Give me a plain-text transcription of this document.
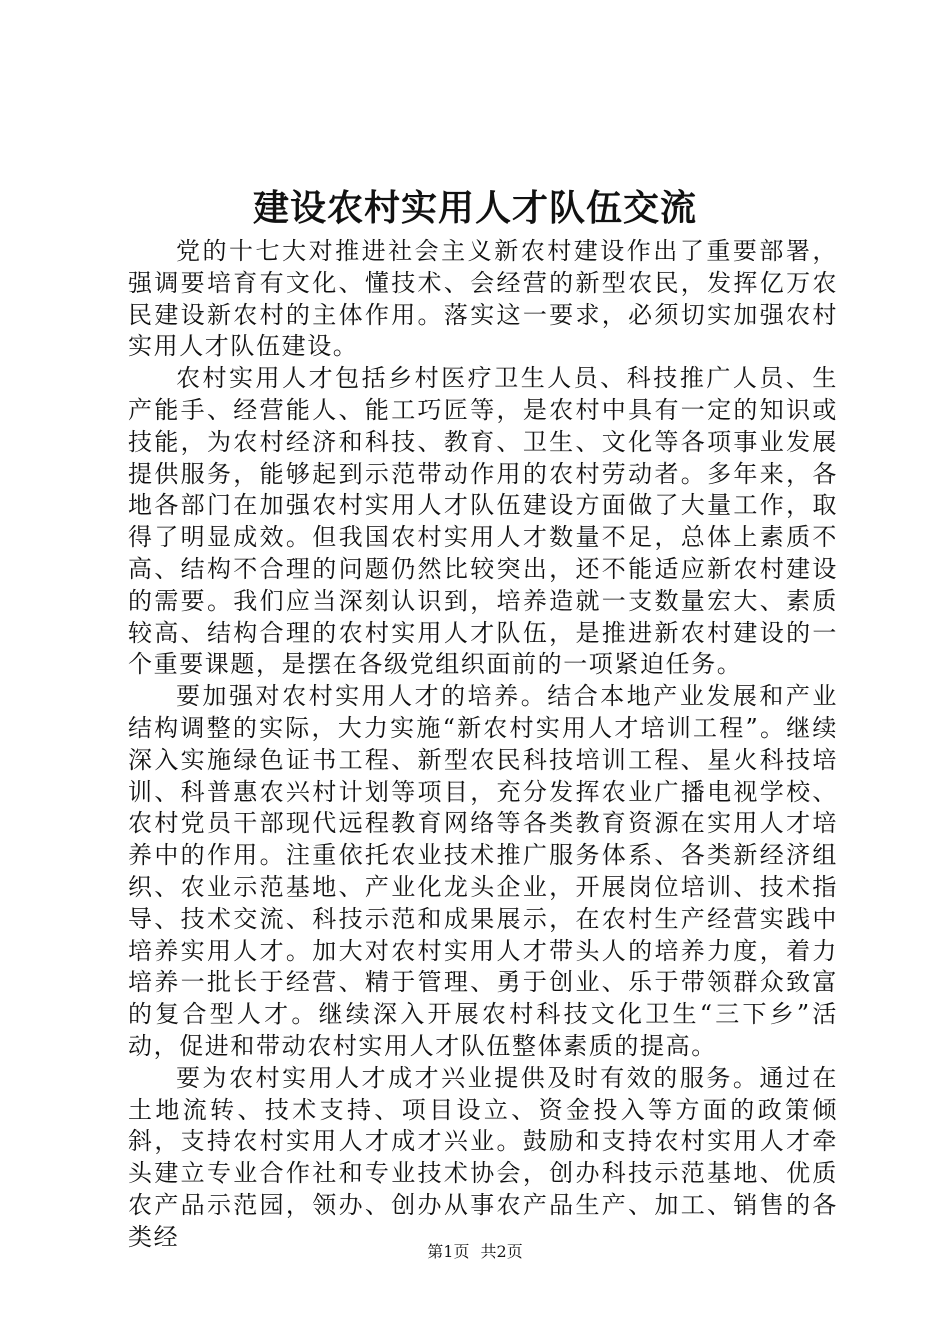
建设农村实用人才队伍交流

党的十七大对推进社会主义新农村建设作出了重要部署，强调要培育有文化、懂技术、会经营的新型农民，发挥亿万农民建设新农村的主体作用。落实这一要求，必须切实加强农村实用人才队伍建设。

农村实用人才包括乡村医疗卫生人员、科技推广人员、生产能手、经营能人、能工巧匠等，是农村中具有一定的知识或技能，为农村经济和科技、教育、卫生、文化等各项事业发展提供服务，能够起到示范带动作用的农村劳动者。多年来，各地各部门在加强农村实用人才队伍建设方面做了大量工作，取得了明显成效。但我国农村实用人才数量不足，总体上素质不高、结构不合理的问题仍然比较突出，还不能适应新农村建设的需要。我们应当深刻认识到，培养造就一支数量宏大、素质较高、结构合理的农村实用人才队伍，是推进新农村建设的一个重要课题，是摆在各级党组织面前的一项紧迫任务。

要加强对农村实用人才的培养。结合本地产业发展和产业结构调整的实际，大力实施“新农村实用人才培训工程”。继续深入实施绿色证书工程、新型农民科技培训工程、星火科技培训、科普惠农兴村计划等项目，充分发挥农业广播电视学校、农村党员干部现代远程教育网络等各类教育资源在实用人才培养中的作用。注重依托农业技术推广服务体系、各类新经济组织、农业示范基地、产业化龙头企业，开展岗位培训、技术指导、技术交流、科技示范和成果展示，在农村生产经营实践中培养实用人才。加大对农村实用人才带头人的培养力度，着力培养一批长于经营、精于管理、勇于创业、乐于带领群众致富的复合型人才。继续深入开展农村科技文化卫生“三下乡”活动，促进和带动农村实用人才队伍整体素质的提高。

要为农村实用人才成才兴业提供及时有效的服务。通过在土地流转、技术支持、项目设立、资金投入等方面的政策倾斜，支持农村实用人才成才兴业。鼓励和支持农村实用人才牵头建立专业合作社和专业技术协会，创办科技示范基地、优质农产品示范园，领办、创办从事农产品生产、加工、销售的各类经

第1页 共2页
